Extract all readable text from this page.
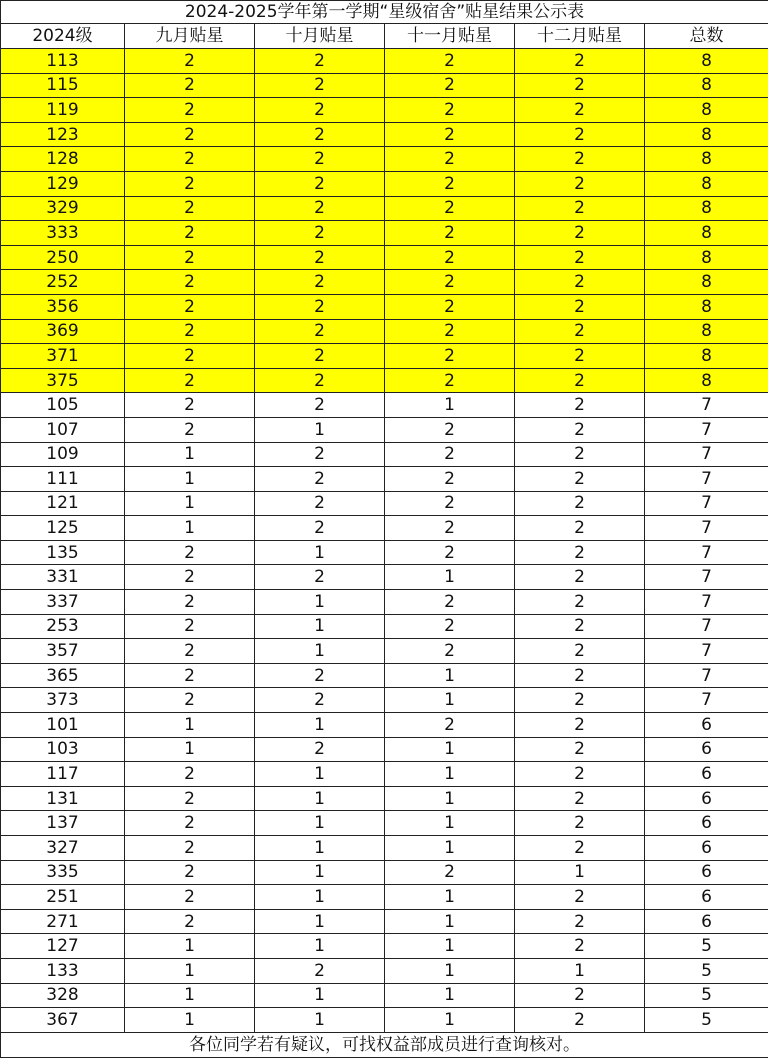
2024-2025学年第一学期“星级宿舍”贴星结果公示表					
2024级	九月贴星	十月贴星	十一月贴星	十二月贴星	总数
113	2	2	2	2	8
115	2	2	2	2	8
119	2	2	2	2	8
123	2	2	2	2	8
128	2	2	2	2	8
129	2	2	2	2	8
329	2	2	2	2	8
333	2	2	2	2	8
250	2	2	2	2	8
252	2	2	2	2	8
356	2	2	2	2	8
369	2	2	2	2	8
371	2	2	2	2	8
375	2	2	2	2	8
105	2	2	1	2	7
107	2	1	2	2	7
109	1	2	2	2	7
111	1	2	2	2	7
121	1	2	2	2	7
125	1	2	2	2	7
135	2	1	2	2	7
331	2	2	1	2	7
337	2	1	2	2	7
253	2	1	2	2	7
357	2	1	2	2	7
365	2	2	1	2	7
373	2	2	1	2	7
101	1	1	2	2	6
103	1	2	1	2	6
117	2	1	1	2	6
131	2	1	1	2	6
137	2	1	1	2	6
327	2	1	1	2	6
335	2	1	2	1	6
251	2	1	1	2	6
271	2	1	1	2	6
127	1	1	1	2	5
133	1	2	1	1	5
328	1	1	1	2	5
367	1	1	1	2	5
各位同学若有疑议，可找权益部成员进行查询核对。					
